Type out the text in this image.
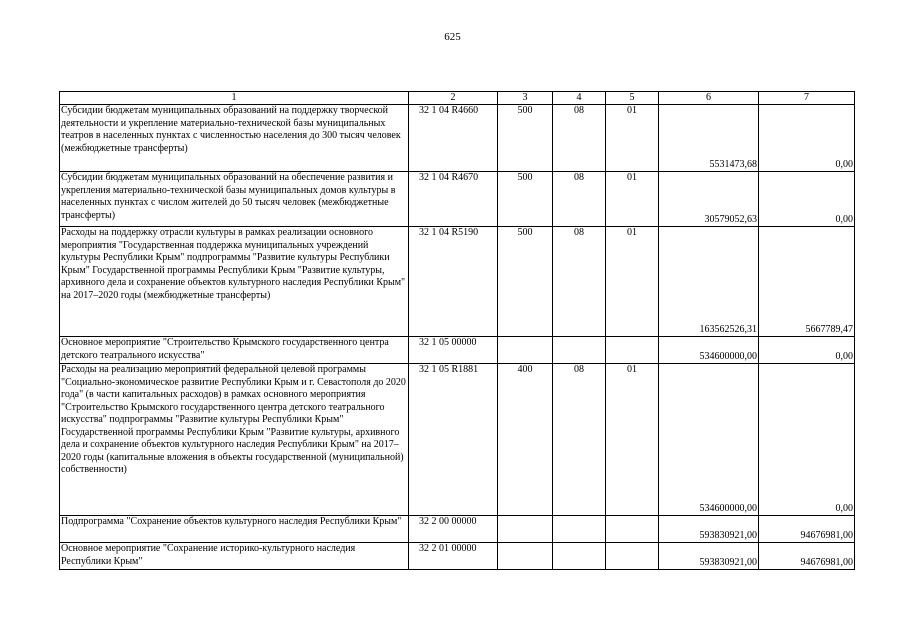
625
1	2	3	4	5	6	7
Субсидии бюджетам муниципальных образований на поддержку творческой деятельности и укрепление материально-технической базы муниципальных театров в населенных пунктах с численностью населения до 300 тысяч человек (межбюджетные трансферты)	32 1 04 R4660	500	08	01	5531473,68	0,00
Субсидии бюджетам муниципальных образований на обеспечение развития и укрепления материально-технической базы муниципальных домов культуры в населенных пунктах с числом жителей до 50 тысяч человек (межбюджетные трансферты)	32 1 04 R4670	500	08	01	30579052,63	0,00
Расходы на поддержку отрасли культуры в рамках реализации основного мероприятия "Государственная поддержка муниципальных учреждений культуры Республики Крым" подпрограммы "Развитие культуры Республики Крым" Государственной программы Республики Крым "Развитие культуры, архивного дела и сохранение объектов культурного наследия Республики Крым" на 2017–2020 годы (межбюджетные трансферты)	32 1 04 R5190	500	08	01	163562526,31	5667789,47
Основное мероприятие "Строительство Крымского государственного центра детского театрального искусства"	32 1 05 00000				534600000,00	0,00
Расходы на реализацию мероприятий федеральной целевой программы "Социально-экономическое развитие Республики Крым и г. Севастополя до 2020 года" (в части капитальных расходов) в рамках основного мероприятия "Строительство Крымского государственного центра детского театрального искусства" подпрограммы "Развитие культуры Республики Крым" Государственной программы Республики Крым "Развитие культуры, архивного дела и сохранение объектов культурного наследия Республики Крым" на 2017–2020 годы (капитальные вложения в объекты государственной (муниципальной) собственности)	32 1 05 R1881	400	08	01	534600000,00	0,00
Подпрограмма "Сохранение объектов культурного наследия Республики Крым"	32 2 00 00000				593830921,00	94676981,00
Основное мероприятие "Сохранение историко-культурного наследия Республики Крым"	32 2 01 00000				593830921,00	94676981,00
